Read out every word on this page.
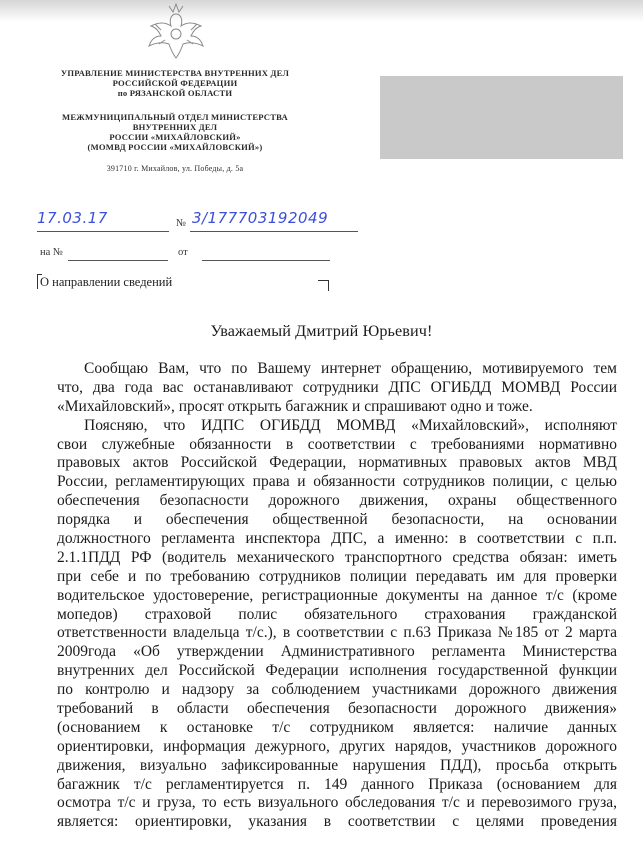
УПРАВЛЕНИЕ МИНИСТЕРСТВА ВНУТРЕННИХ ДЕЛ
РОССИЙСКОЙ ФЕДЕРАЦИИ
по РЯЗАНСКОЙ ОБЛАСТИ
МЕЖМУНИЦИПАЛЬНЫЙ ОТДЕЛ МИНИСТЕРСТВА
ВНУТРЕННИХ ДЕЛ
РОССИИ «МИХАЙЛОВСКИЙ»
(МОМВД РОССИИ «МИХАЙЛОВСКИЙ»)
391710 г. Михайлов, ул. Победы, д. 5а
17.03.17	№ 3/177703192049
на №	от
О направлении сведений
Уважаемый Дмитрий Юрьевич!
Сообщаю Вам, что по Вашему интернет обращению, мотивируемого тем
что, два года вас останавливают сотрудники ДПС ОГИБДД МОМВД России
«Михайловский», просят открыть багажник и спрашивают одно и тоже.
Поясняю, что ИДПС ОГИБДД МОМВД «Михайловский», исполняют
свои служебные обязанности в соответствии с требованиями нормативно
правовых актов Российской Федерации, нормативных правовых актов МВД
России, регламентирующих права и обязанности сотрудников полиции, с целью
обеспечения безопасности дорожного движения, охраны общественного
порядка и обеспечения общественной безопасности, на основании
должностного регламента инспектора ДПС, а именно: в соответствии с п.п.
2.1.1ПДД РФ (водитель механического транспортного средства обязан: иметь
при себе и по требованию сотрудников полиции передавать им для проверки
водительское удостоверение, регистрационные документы на данное т/с (кроме
мопедов) страховой полис обязательного страхования гражданской
ответственности владельца т/с.), в соответствии с п.63 Приказа №185 от 2 марта
2009года «Об утверждении Административного регламента Министерства
внутренних дел Российской Федерации исполнения государственной функции
по контролю и надзору за соблюдением участниками дорожного движения
требований в области обеспечения безопасности дорожного движения»
(основанием к остановке т/с сотрудником является: наличие данных
ориентировки, информация дежурного, других нарядов, участников дорожного
движения, визуально зафиксированные нарушения ПДД), просьба открыть
багажник т/с регламентируется п. 149 данного Приказа (основанием для
осмотра т/с и груза, то есть визуального обследования т/с и перевозимого груза,
является: ориентировки, указания в соответствии с целями проведения
